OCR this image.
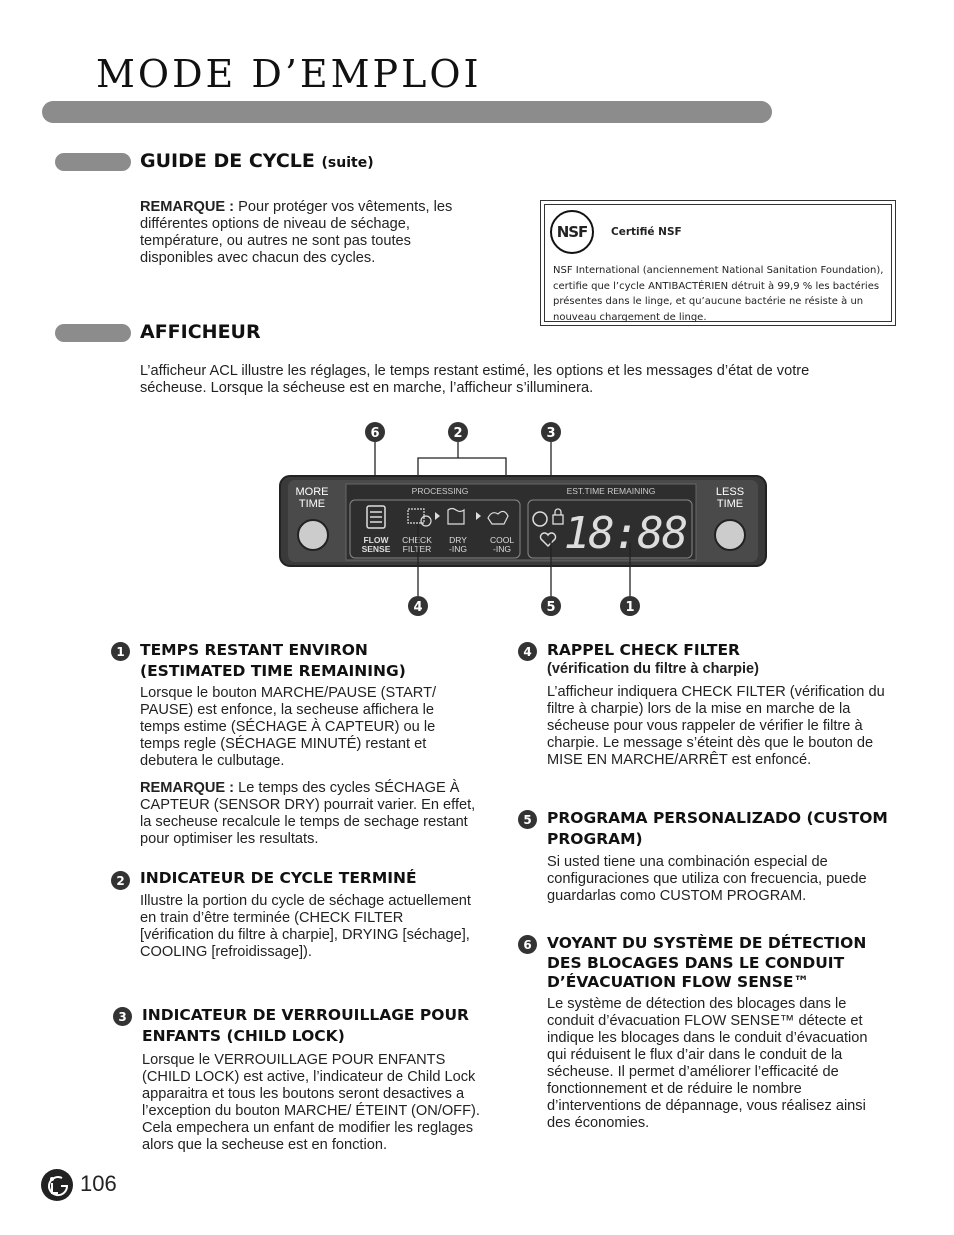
MODE D’EMPLOI
GUIDE DE CYCLE (suite)
REMARQUE : Pour protéger vos vêtements, les différentes options de niveau de séchage, température, ou autres ne sont pas toutes disponibles avec chacun des cycles.
NSF	Certifié NSF
NSF International (anciennement National Sanitation Foundation), certifie que l’cycle ANTIBACTÉRIEN détruit à 99,9 % les bactéries présentes dans le linge, et qu’aucune bactérie ne résiste à un nouveau chargement de linge.
AFFICHEUR
L’afficheur ACL illustre les réglages, le temps restant estimé, les options et les messages d’état de votre sécheuse. Lorsque la sécheuse est en marche, l’afficheur s’illuminera.
6	2	3
MORE
TIME
LESS
TIME
PROCESSING	EST.TIME REMAINING
FLOW
SENSE
CHECK
FILTER
DRY
-ING
COOL
-ING 18:88
4	5	1
1 TEMPS RESTANT ENVIRON
(ESTIMATED TIME REMAINING)
Lorsque le bouton MARCHE/PAUSE (START/ PAUSE) est enfonce, la secheuse affichera le temps estime (SÉCHAGE À CAPTEUR) ou le temps regle (SÉCHAGE MINUTÉ) restant et debutera le culbutage.
REMARQUE : Le temps des cycles SÉCHAGE À CAPTEUR (SENSOR DRY) pourrait varier. En effet, la secheuse recalcule le temps de sechage restant pour optimiser les resultats.
2 INDICATEUR DE CYCLE TERMINÉ
Illustre la portion du cycle de séchage actuellement en train d’être terminée (CHECK FILTER [vérification du filtre à charpie], DRYING [séchage], COOLING [refroidissage]).
3 INDICATEUR DE VERROUILLAGE POUR
ENFANTS (CHILD LOCK)
Lorsque le VERROUILLAGE POUR ENFANTS (CHILD LOCK) est active, l’indicateur de Child Lock apparaitra et tous les boutons seront desactives a l’exception du bouton MARCHE/ ÉTEINT (ON/OFF). Cela empechera un enfant de modifier les reglages alors que la secheuse est en fonction.
4 RAPPEL CHECK FILTER
(vérification du filtre à charpie)
L’afficheur indiquera CHECK FILTER (vérification du filtre à charpie) lors de la mise en marche de la sécheuse pour vous rappeler de vérifier le filtre à charpie. Le message s’éteint dès que le bouton de MISE EN MARCHE/ARRÊT est enfoncé.
5 PROGRAMA PERSONALIZADO (CUSTOM
PROGRAM)
Si usted tiene una combinación especial de configuraciones que utiliza con frecuencia, puede guardarlas como CUSTOM PROGRAM.
6 VOYANT DU SYSTÈME DE DÉTECTION
DES BLOCAGES DANS LE CONDUIT
D’ÉVACUATION FLOW SENSE™
Le système de détection des blocages dans le conduit d’évacuation FLOW SENSE™ détecte et indique les blocages dans le conduit d’évacuation qui réduisent le flux d’air dans le conduit de la sécheuse. Il permet d’améliorer l’efficacité de fonctionnement et de réduire le nombre d’interventions de dépannage, vous réalisez ainsi des économies.
106
